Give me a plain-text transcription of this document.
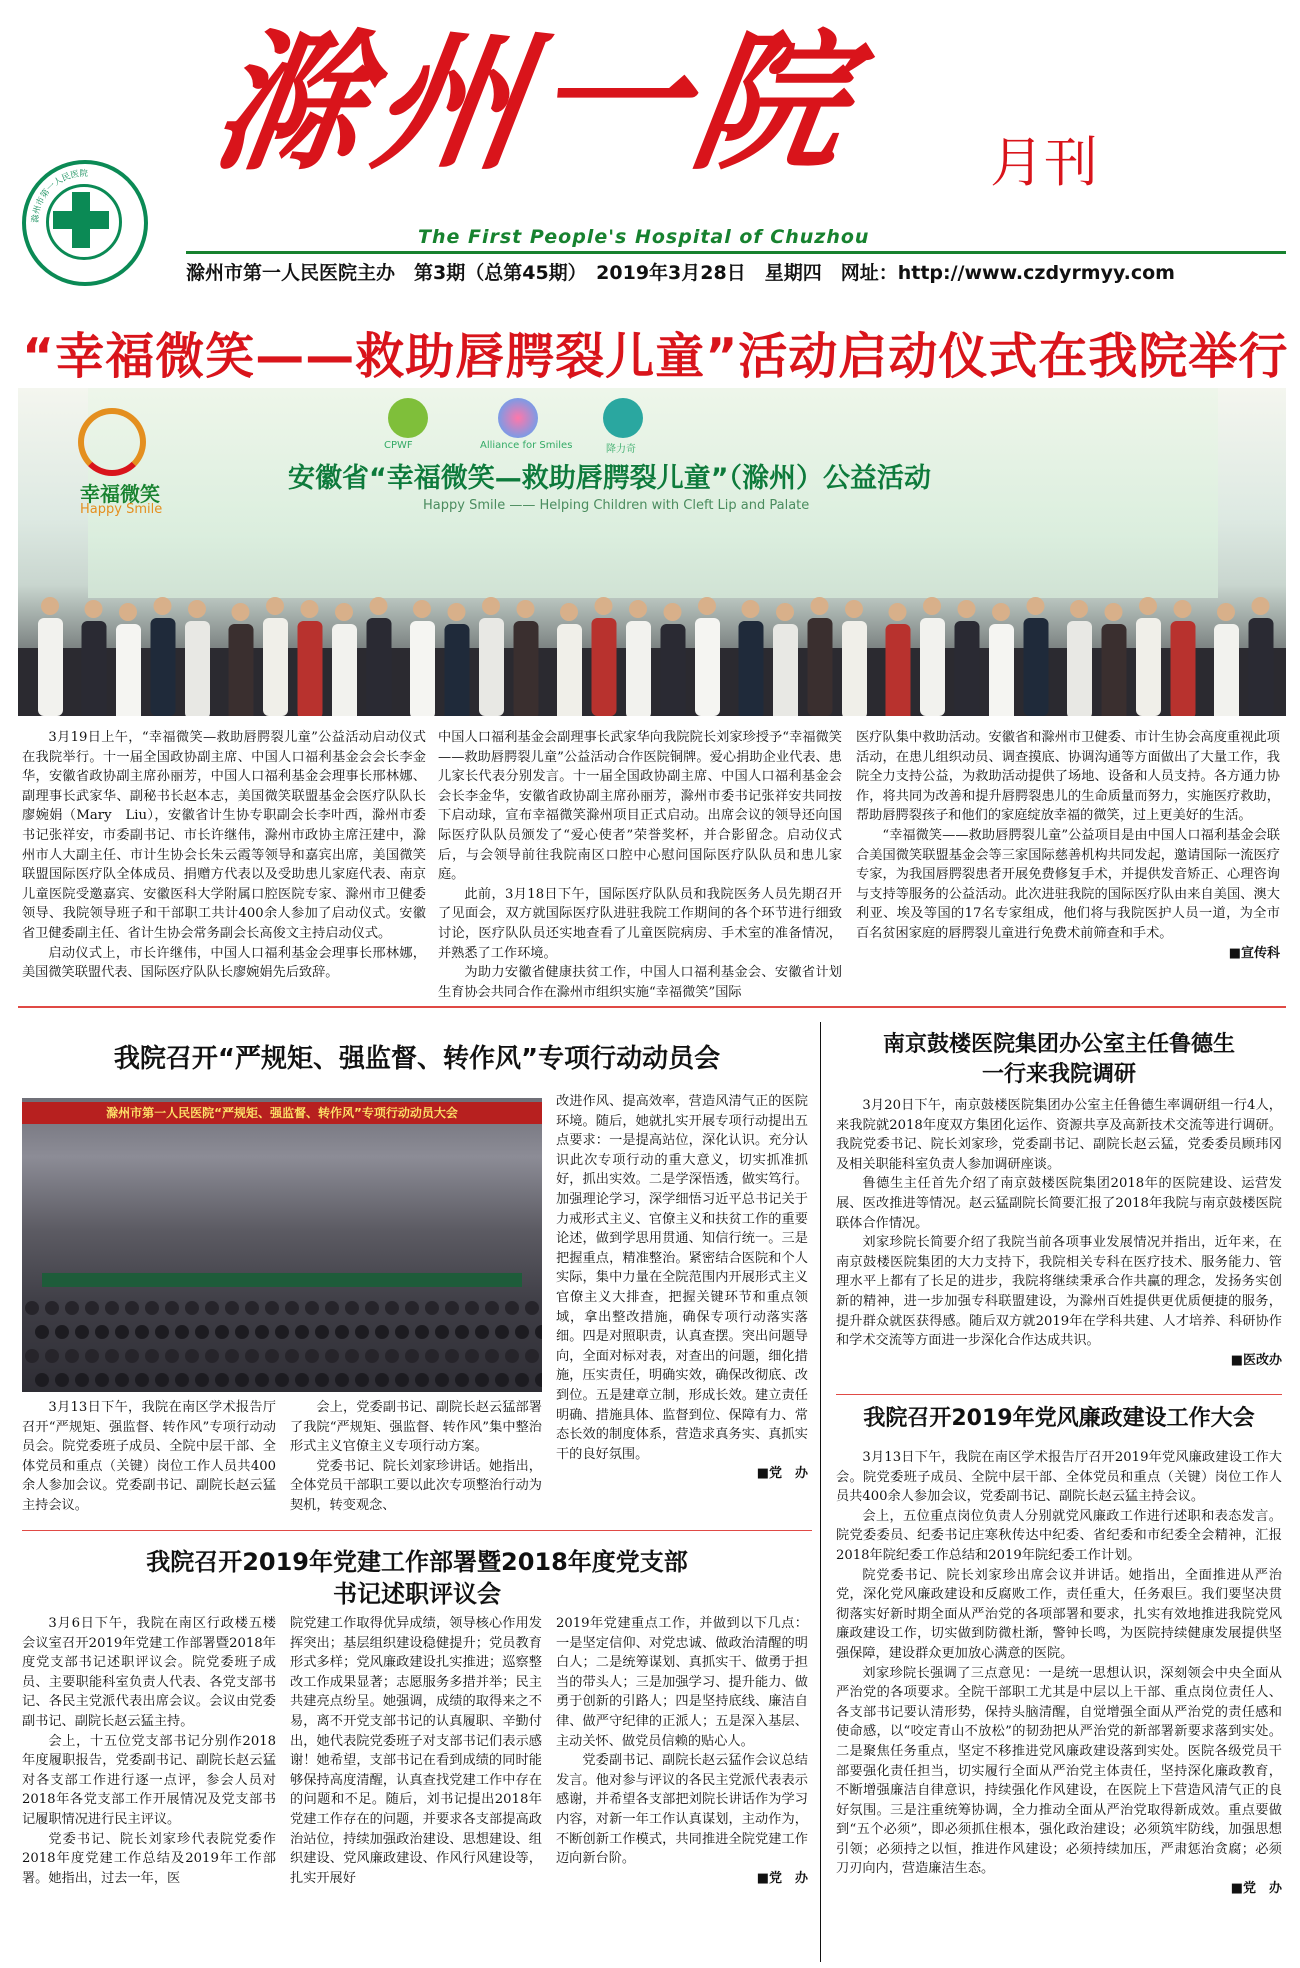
滁州一院	月刊
滁州市第一人民医院
The First People's Hospital of Chuzhou
滁州市第一人民医院主办　第3期（总第45期）　2019年3月28日　星期四　网址：http://www.czdyrmyy.com
“幸福微笑——救助唇腭裂儿童”活动启动仪式在我院举行
CPWF	Alliance for Smiles	降力奇
安徽省“幸福微笑—救助唇腭裂儿童”（滁州）公益活动
Happy Smile —— Helping Children with Cleft Lip and Palate
幸福微笑
Happy Smile

3月19日上午，“幸福微笑—救助唇腭裂儿童”公益活动启动仪式在我院举行。十一届全国政协副主席、中国人口福利基金会会长李金华，安徽省政协副主席孙丽芳，中国人口福利基金会理事长邢林娜、副理事长武家华、副秘书长赵本志，美国微笑联盟基金会医疗队队长廖婉娟（Mary　Liu），安徽省计生协专职副会长李叶西，滁州市委书记张祥安，市委副书记、市长许继伟，滁州市政协主席汪建中，滁州市人大副主任、市计生协会长朱云霞等领导和嘉宾出席，美国微笑联盟国际医疗队全体成员、捐赠方代表以及受助患儿家庭代表、南京儿童医院受邀嘉宾、安徽医科大学附属口腔医院专家、滁州市卫健委领导、我院领导班子和干部职工共计400余人参加了启动仪式。安徽省卫健委副主任、省计生协会常务副会长高俊文主持启动仪式。

启动仪式上，市长许继伟，中国人口福利基金会理事长邢林娜，美国微笑联盟代表、国际医疗队队长廖婉娟先后致辞。

中国人口福利基金会副理事长武家华向我院院长刘家珍授予“幸福微笑——救助唇腭裂儿童”公益活动合作医院铜牌。爱心捐助企业代表、患儿家长代表分别发言。十一届全国政协副主席、中国人口福利基金会会长李金华，安徽省政协副主席孙丽芳，滁州市委书记张祥安共同按下启动球，宣布幸福微笑滁州项目正式启动。出席会议的领导还向国际医疗队队员颁发了“爱心使者”荣誉奖杯，并合影留念。启动仪式后，与会领导前往我院南区口腔中心慰问国际医疗队队员和患儿家庭。

此前，3月18日下午，国际医疗队队员和我院医务人员先期召开了见面会，双方就国际医疗队进驻我院工作期间的各个环节进行细致讨论，医疗队队员还实地查看了儿童医院病房、手术室的准备情况，并熟悉了工作环境。

为助力安徽省健康扶贫工作，中国人口福利基金会、安徽省计划生育协会共同合作在滁州市组织实施“幸福微笑”国际

医疗队集中救助活动。安徽省和滁州市卫健委、市计生协会高度重视此项活动，在患儿组织动员、调查摸底、协调沟通等方面做出了大量工作，我院全力支持公益，为救助活动提供了场地、设备和人员支持。各方通力协作，将共同为改善和提升唇腭裂患儿的生命质量而努力，实施医疗救助，帮助唇腭裂孩子和他们的家庭绽放幸福的微笑，过上更美好的生活。

“幸福微笑——救助唇腭裂儿童”公益项目是由中国人口福利基金会联合美国微笑联盟基金会等三家国际慈善机构共同发起，邀请国际一流医疗专家，为我国唇腭裂患者开展免费修复手术，并提供发音矫正、心理咨询与支持等服务的公益活动。此次进驻我院的国际医疗队由来自美国、澳大利亚、埃及等国的17名专家组成，他们将与我院医护人员一道，为全市百名贫困家庭的唇腭裂儿童进行免费术前筛查和手术。

■宣传科
我院召开“严规矩、强监督、转作风”专项行动动员会
滁州市第一人民医院“严规矩、强监督、转作风”专项行动动员大会

3月13日下午，我院在南区学术报告厅召开“严规矩、强监督、转作风”专项行动动员会。院党委班子成员、全院中层干部、全体党员和重点（关键）岗位工作人员共400余人参加会议。党委副书记、副院长赵云猛主持会议。

会上，党委副书记、副院长赵云猛部署了我院“严规矩、强监督、转作风”集中整治形式主义官僚主义专项行动方案。

党委书记、院长刘家珍讲话。她指出，全体党员干部职工要以此次专项整治行动为契机，转变观念、

改进作风、提高效率，营造风清气正的医院环境。随后，她就扎实开展专项行动提出五点要求：一是提高站位，深化认识。充分认识此次专项行动的重大意义，切实抓准抓好，抓出实效。二是学深悟透，做实笃行。加强理论学习，深学细悟习近平总书记关于力戒形式主义、官僚主义和扶贫工作的重要论述，做到学思用贯通、知信行统一。三是把握重点，精准整治。紧密结合医院和个人实际，集中力量在全院范围内开展形式主义官僚主义大排查，把握关键环节和重点领域，拿出整改措施，确保专项行动落实落细。四是对照职责，认真查摆。突出问题导向，全面对标对表，对查出的问题，细化措施，压实责任，明确实效，确保改彻底、改到位。五是建章立制，形成长效。建立责任明确、措施具体、监督到位、保障有力、常态长效的制度体系，营造求真务实、真抓实干的良好氛围。

■党　办
我院召开2019年党建工作部署暨2018年度党支部
书记述职评议会

3月6日下午，我院在南区行政楼五楼会议室召开2019年党建工作部署暨2018年度党支部书记述职评议会。院党委班子成员、主要职能科室负责人代表、各党支部书记、各民主党派代表出席会议。会议由党委副书记、副院长赵云猛主持。

会上，十五位党支部书记分别作2018年度履职报告，党委副书记、副院长赵云猛对各支部工作进行逐一点评，参会人员对2018年各党支部工作开展情况及党支部书记履职情况进行民主评议。

党委书记、院长刘家珍代表院党委作2018年度党建工作总结及2019年工作部署。她指出，过去一年，医

院党建工作取得优异成绩，领导核心作用发挥突出；基层组织建设稳健提升；党员教育形式多样；党风廉政建设扎实推进；巡察整改工作成果显著；志愿服务多措并举；民主共建亮点纷呈。她强调，成绩的取得来之不易，离不开党支部书记的认真履职、辛勤付出，她代表院党委班子对支部书记们表示感谢！她希望，支部书记在看到成绩的同时能够保持高度清醒，认真查找党建工作中存在的问题和不足。随后，刘书记提出2018年党建工作存在的问题，并要求各支部提高政治站位，持续加强政治建设、思想建设、组织建设、党风廉政建设、作风行风建设等，扎实开展好

2019年党建重点工作，并做到以下几点：一是坚定信仰、对党忠诚、做政治清醒的明白人；二是统筹谋划、真抓实干、做勇于担当的带头人；三是加强学习、提升能力、做勇于创新的引路人；四是坚持底线、廉洁自律、做严守纪律的正派人；五是深入基层、主动关怀、做党员信赖的贴心人。

党委副书记、副院长赵云猛作会议总结发言。他对参与评议的各民主党派代表表示感谢，并希望各支部把刘院长讲话作为学习内容，对新一年工作认真谋划，主动作为，不断创新工作模式，共同推进全院党建工作迈向新台阶。

■党　办
南京鼓楼医院集团办公室主任鲁德生
一行来我院调研

3月20日下午，南京鼓楼医院集团办公室主任鲁德生率调研组一行4人，来我院就2018年度双方集团化运作、资源共享及高新技术交流等进行调研。我院党委书记、院长刘家珍，党委副书记、副院长赵云猛，党委委员顾玮冈及相关职能科室负责人参加调研座谈。

鲁德生主任首先介绍了南京鼓楼医院集团2018年的医院建设、运营发展、医改推进等情况。赵云猛副院长简要汇报了2018年我院与南京鼓楼医院联体合作情况。

刘家珍院长简要介绍了我院当前各项事业发展情况并指出，近年来，在南京鼓楼医院集团的大力支持下，我院相关专科在医疗技术、服务能力、管理水平上都有了长足的进步，我院将继续秉承合作共赢的理念，发扬务实创新的精神，进一步加强专科联盟建设，为滁州百姓提供更优质便捷的服务，提升群众就医获得感。随后双方就2019年在学科共建、人才培养、科研协作和学术交流等方面进一步深化合作达成共识。

■医改办
我院召开2019年党风廉政建设工作大会

3月13日下午，我院在南区学术报告厅召开2019年党风廉政建设工作大会。院党委班子成员、全院中层干部、全体党员和重点（关键）岗位工作人员共400余人参加会议，党委副书记、副院长赵云猛主持会议。

会上，五位重点岗位负责人分别就党风廉政工作进行述职和表态发言。院党委委员、纪委书记庄寒秋传达中纪委、省纪委和市纪委全会精神，汇报2018年院纪委工作总结和2019年院纪委工作计划。

院党委书记、院长刘家珍出席会议并讲话。她指出，全面推进从严治党，深化党风廉政建设和反腐败工作，责任重大，任务艰巨。我们要坚决贯彻落实好新时期全面从严治党的各项部署和要求，扎实有效地推进我院党风廉政建设工作，切实做到防微杜渐，警钟长鸣，为医院持续健康发展提供坚强保障，建设群众更加放心满意的医院。

刘家珍院长强调了三点意见：一是统一思想认识，深刻领会中央全面从严治党的各项要求。全院干部职工尤其是中层以上干部、重点岗位责任人、各支部书记要认清形势，保持头脑清醒，自觉增强全面从严治党的责任感和使命感，以“咬定青山不放松”的韧劲把从严治党的新部署新要求落到实处。二是聚焦任务重点，坚定不移推进党风廉政建设落到实处。医院各级党员干部要强化责任担当，切实履行全面从严治党主体责任，坚持深化廉政教育，不断增强廉洁自律意识，持续强化作风建设，在医院上下营造风清气正的良好氛围。三是注重统筹协调，全力推动全面从严治党取得新成效。重点要做到“五个必须”，即必须抓住根本，强化政治建设；必须筑牢防线，加强思想引领；必须持之以恒，推进作风建设；必须持续加压，严肃惩治贪腐；必须刀刃向内，营造廉洁生态。

■党　办
